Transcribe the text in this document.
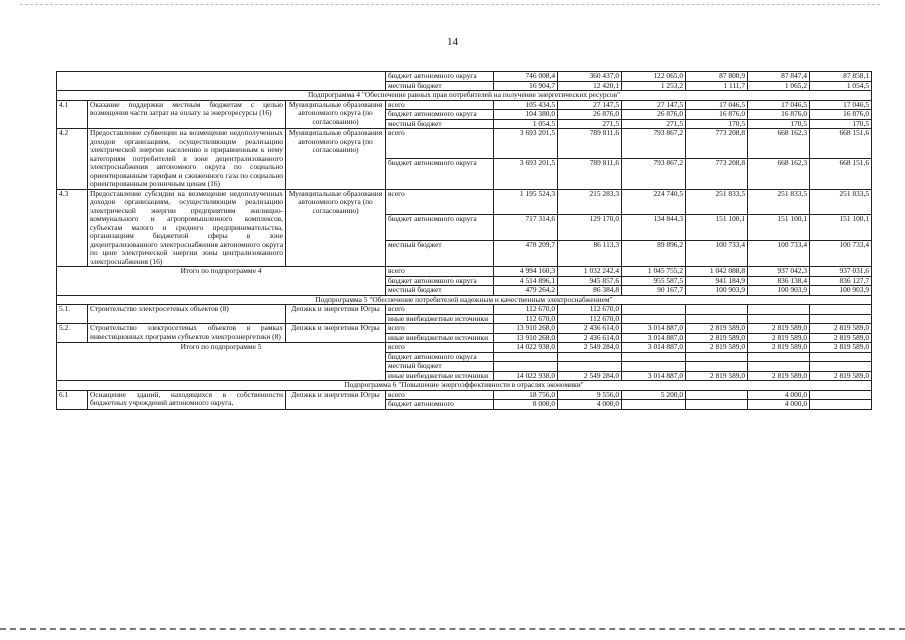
14
			бюджет автономного округа	746 008,4	360 437,0	122 065,0	87 800,9	87 847,4	87 858,1
			местный бюджет	16 904,7	12 420,1	1 253,2	1 111,7	1 065,2	1 054,5
Подпрограмма 4 "Обеспечение равных прав потребителей на получение энергетических ресурсов"									
4.1	Оказание поддержки местным бюджетам с целью возмещения части затрат на оплату за энергоресурсы (16)	Муниципальные образования автономного округа (по согласованию)	всего	105 434,5	27 147,5	27 147,5	17 046,5	17 046,5	17 046,5
			бюджет автономного округа	104 380,0	26 876,0	26 876,0	16 876,0	16 876,0	16 876,0
			местный бюджет	1 054,5	271,5	271,5	170,5	170,5	170,5
4.2	Предоставление субвенции на возмещение недополученных доходов организациям, осуществляющим реализацию электрической энергии населению и приравненным к нему категориям потребителей в зоне децентрализованного электроснабжения автономного округа по социально ориентированным тарифам и сжиженного газа по социально ориентированным розничным ценам (16)	Муниципальные образования автономного округа (по согласованию)	всего	3 693 201,5	789 811,6	793 867,2	773 208,8	668 162,3	668 151,6
			бюджет автономного округа	3 693 201,5	789 811,6	793 867,2	773 208,8	668 162,3	668 151,6
4.3	Предоставление субсидии на возмещение недополученных доходов организациям, осуществляющим реализацию электрической энергии предприятиям жилищно-коммунального и агропромышленного комплексов, субъектам малого и среднего предпринимательства, организациям бюджетной сферы в зоне децентрализованного электроснабжения автономного округа по цене электрической энергии зоны централизованного электроснабжения (16)	Муниципальные образования автономного округа (по согласованию)	всего	1 195 524,3	215 283,3	224 740,5	251 833,5	251 833,5	251 833,5
			бюджет автономного округа	717 314,6	129 170,0	134 844,3	151 100,1	151 100,1	151 100,1
			местный бюджет	478 209,7	86 113,3	89 896,2	100 733,4	100 733,4	100 733,4
Итого по подпрограмме 4			всего	4 994 160,3	1 032 242,4	1 045 755,2	1 042 088,8	937 042,3	937 031,6
			бюджет автономного округа	4 514 896,1	945 857,6	955 587,5	941 184,9	836 138,4	836 127,7
			местный бюджет	479 264,2	86 384,8	90 167,7	100 903,9	100 903,9	100 903,9
Подпрограмма 5 "Обеспечение потребителей надежным и качественным электроснабжением"									
5.1.	Строительство электросетевых объектов (8)	Депжкк и энергетики Югры	всего	112 670,0	112 670,0				
			иные внебюджетные источники	112 670,0	112 670,0				
5.2.	Строительство электросетевых объектов в рамках инвестиционных программ субъектов электроэнергетики (8)	Депжкк и энергетики Югры	всего	13 910 268,0	2 436 614,0	3 014 887,0	2 819 589,0	2 819 589,0	2 819 589,0
			иные внебюджетные источники	13 910 268,0	2 436 614,0	3 014 887,0	2 819 589,0	2 819 589,0	2 819 589,0
Итого по подпрограмме 5			всего	14 022 938,0	2 549 284,0	3 014 887,0	2 819 589,0	2 819 589,0	2 819 589,0
			бюджет автономного округа						
			местный бюджет						
			иные внебюджетные источники	14 022 938,0	2 549 284,0	3 014 887,0	2 819 589,0	2 819 589,0	2 819 589,0
Подпрограмма 6 "Повышение энергоэффективности в отраслях экономики"									
6.1	Оснащение зданий, находящихся в собственности бюджетных учреждений автономного округа,	Депжкк и энергетики Югры	всего	18 756,0	9 556,0	5 200,0		4 000,0	
			бюджет автономного	8 000,0	4 000,0			4 000,0	
